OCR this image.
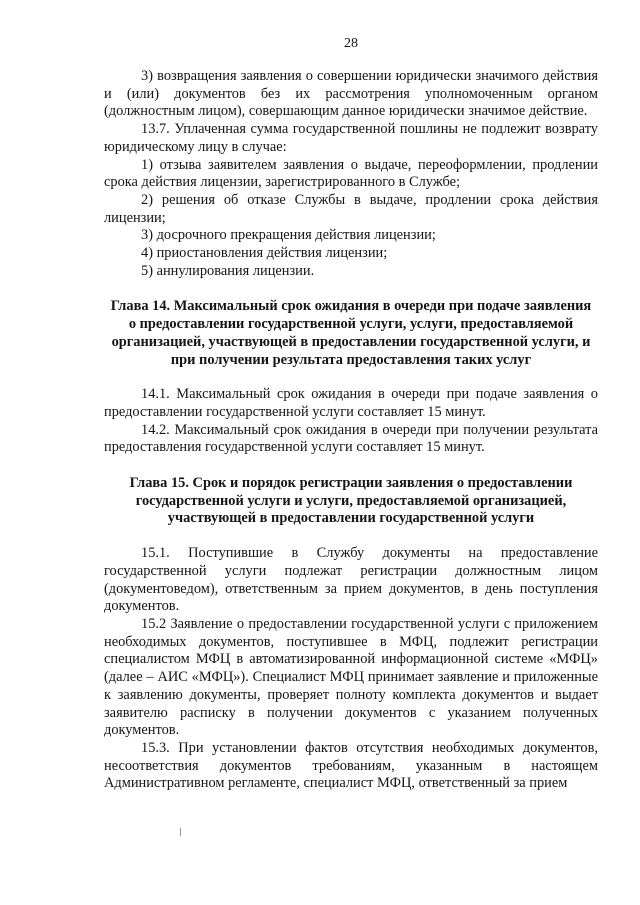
28

3) возвращения заявления о совершении юридически значимого действия и (или) документов без их рассмотрения уполномоченным органом (должностным лицом), совершающим данное юридически значимое действие.

13.7. Уплаченная сумма государственной пошлины не подлежит возврату юридическому лицу в случае:

1) отзыва заявителем заявления о выдаче, переоформлении, продлении срока действия лицензии, зарегистрированного в Службе;

2) решения об отказе Службы в выдаче, продлении срока действия лицензии;

3) досрочного прекращения действия лицензии;

4) приостановления действия лицензии;

5) аннулирования лицензии.

Глава 14. Максимальный срок ожидания в очереди при подаче заявления о предоставлении государственной услуги, услуги, предоставляемой организацией, участвующей в предоставлении государственной услуги, и при получении результата предоставления таких услуг

14.1. Максимальный срок ожидания в очереди при подаче заявления о предоставлении государственной услуги составляет 15 минут.

14.2. Максимальный срок ожидания в очереди при получении результата предоставления государственной услуги составляет 15 минут.

Глава 15. Срок и порядок регистрации заявления о предоставлении государственной услуги и услуги, предоставляемой организацией, участвующей в предоставлении государственной услуги

15.1. Поступившие в Службу документы на предоставление государственной услуги подлежат регистрации должностным лицом (документоведом), ответственным за прием документов, в день поступления документов.

15.2 Заявление о предоставлении государственной услуги с приложением необходимых документов, поступившее в МФЦ, подлежит регистрации специалистом МФЦ в автоматизированной информационной системе «МФЦ» (далее – АИС «МФЦ»). Специалист МФЦ принимает заявление и приложенные к заявлению документы, проверяет полноту комплекта документов и выдает заявителю расписку в получении документов с указанием полученных документов.

15.3. При установлении фактов отсутствия необходимых документов, несоответствия документов требованиям, указанным в настоящем Административном регламенте, специалист МФЦ, ответственный за прием
